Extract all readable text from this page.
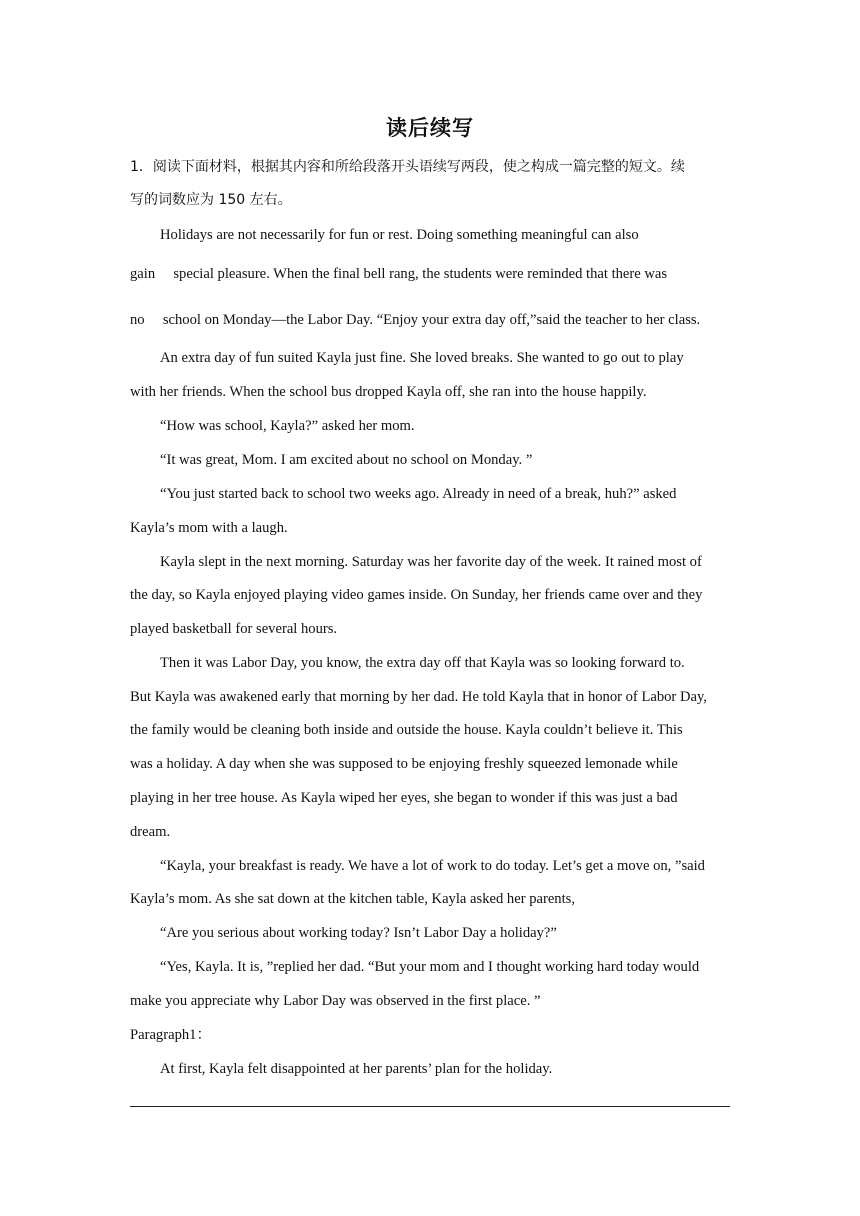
读后续写
1．阅读下面材料，根据其内容和所给段落开头语续写两段，使之构成一篇完整的短文。续
写的词数应为 150 左右。
Holidays are not necessarily for fun or rest. Doing something meaningful can also
gain     special pleasure. When the final bell rang, the students were reminded that there was
no     school on Monday—the Labor Day. “Enjoy your extra day off,”said the teacher to her class.
An extra day of fun suited Kayla just fine. She loved breaks. She wanted to go out to play
with her friends. When the school bus dropped Kayla off, she ran into the house happily.
“How was school, Kayla?” asked her mom.
“It was great, Mom. I am excited about no school on Monday. ”
“You just started back to school two weeks ago. Already in need of a break, huh?” asked
Kayla’s mom with a laugh.
Kayla slept in the next morning. Saturday was her favorite day of the week. It rained most of
the day, so Kayla enjoyed playing video games inside. On Sunday, her friends came over and they
played basketball for several hours.
Then it was Labor Day, you know, the extra day off that Kayla was so looking forward to.
But Kayla was awakened early that morning by her dad. He told Kayla that in honor of Labor Day,
the family would be cleaning both inside and outside the house. Kayla couldn’t believe it. This
was a holiday. A day when she was supposed to be enjoying freshly squeezed lemonade while
playing in her tree house. As Kayla wiped her eyes, she began to wonder if this was just a bad
dream.
“Kayla, your breakfast is ready. We have a lot of work to do today. Let’s get a move on, ”said
Kayla’s mom. As she sat down at the kitchen table, Kayla asked her parents,
“Are you serious about working today? Isn’t Labor Day a holiday?”
“Yes, Kayla. It is, ”replied her dad. “But your mom and I thought working hard today would
make you appreciate why Labor Day was observed in the first place. ”
Paragraph1：
At first, Kayla felt disappointed at her parents’ plan for the holiday.
